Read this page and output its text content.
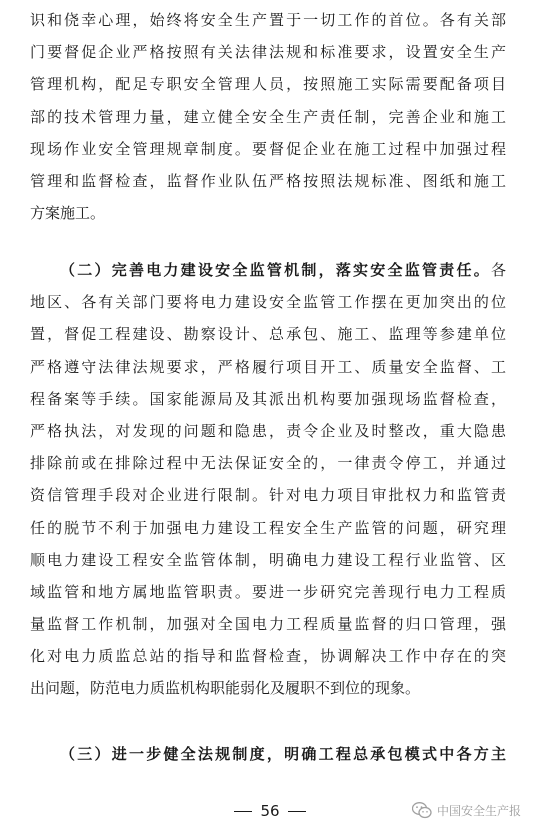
识和侥幸心理，始终将安全生产置于一切工作的首位。各有关部
门要督促企业严格按照有关法律法规和标准要求，设置安全生产
管理机构，配足专职安全管理人员，按照施工实际需要配备项目
部的技术管理力量，建立健全安全生产责任制，完善企业和施工
现场作业安全管理规章制度。要督促企业在施工过程中加强过程
管理和监督检查，监督作业队伍严格按照法规标准、图纸和施工
方案施工。
（二）完善电力建设安全监管机制，落实安全监管责任。各
地区、各有关部门要将电力建设安全监管工作摆在更加突出的位
置，督促工程建设、勘察设计、总承包、施工、监理等参建单位
严格遵守法律法规要求，严格履行项目开工、质量安全监督、工
程备案等手续。国家能源局及其派出机构要加强现场监督检查，
严格执法，对发现的问题和隐患，责令企业及时整改，重大隐患
排除前或在排除过程中无法保证安全的，一律责令停工，并通过
资信管理手段对企业进行限制。针对电力项目审批权力和监管责
任的脱节不利于加强电力建设工程安全生产监管的问题，研究理
顺电力建设工程安全监管体制，明确电力建设工程行业监管、区
域监管和地方属地监管职责。要进一步研究完善现行电力工程质
量监督工作机制，加强对全国电力工程质量监督的归口管理，强
化对电力质监总站的指导和监督检查，协调解决工作中存在的突
出问题，防范电力质监机构职能弱化及履职不到位的现象。
（三）进一步健全法规制度，明确工程总承包模式中各方主
56	中国安全生产报
